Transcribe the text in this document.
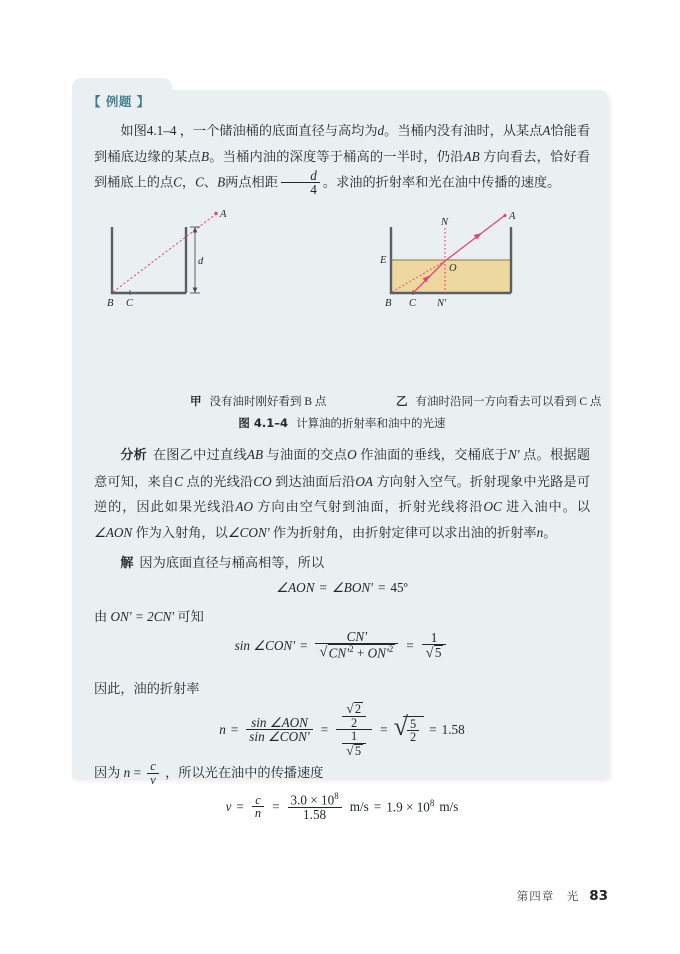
【 例题 】
如图4.1–4 ，一个储油桶的底面直径与高均为d。当桶内没有油时，从某点A恰能看到桶底边缘的某点B。当桶内油的深度等于桶高的一半时，仍沿AB 方向看去，恰好看到桶底上的点C，C、B两点相距 $\frac{d}{4}$ 。求油的折射率和光在油中传播的速度。
A
B C
d
A
N
E
O
B C N'
甲 没有油时刚好看到 B 点	乙 有油时沿同一方向看去可以看到 C 点
图 4.1–4 计算油的折射率和油中的光速
分析 在图乙中过直线AB 与油面的交点O 作油面的垂线，交桶底于N' 点。根据题意可知，来自C 点的光线沿CO 到达油面后沿OA 方向射入空气。折射现象中光路是可逆的，因此如果光线沿AO 方向由空气射到油面，折射光线将沿OC 进入油中。以∠AON 作为入射角，以∠CON' 作为折射角，由折射定律可以求出油的折射率n。
解 因为底面直径与桶高相等，所以
∠AON = ∠BON' = 45º
由 ON' = 2CN' 可知
sin ∠CON' = $\frac{CN'}{√ CN'^2 + ON'^2} = \frac{1}{√ 5}$
因此，油的折射率
$n = \frac{\text{sin ∠AON}}{\text{sin ∠CON'}} = \frac{\frac{√ 2}{2}}{\frac{1}{√ 5}}$ = √ $\frac{5}{2} = 1.58$
因为 $n = \frac{c}{v}$ ，所以光在油中的传播速度
$v = \frac{c}{n} = \frac{3.0 \times 10^8}{1.58} m/s = 1.9 \times 10^8$ m/s
第四章　光 83
